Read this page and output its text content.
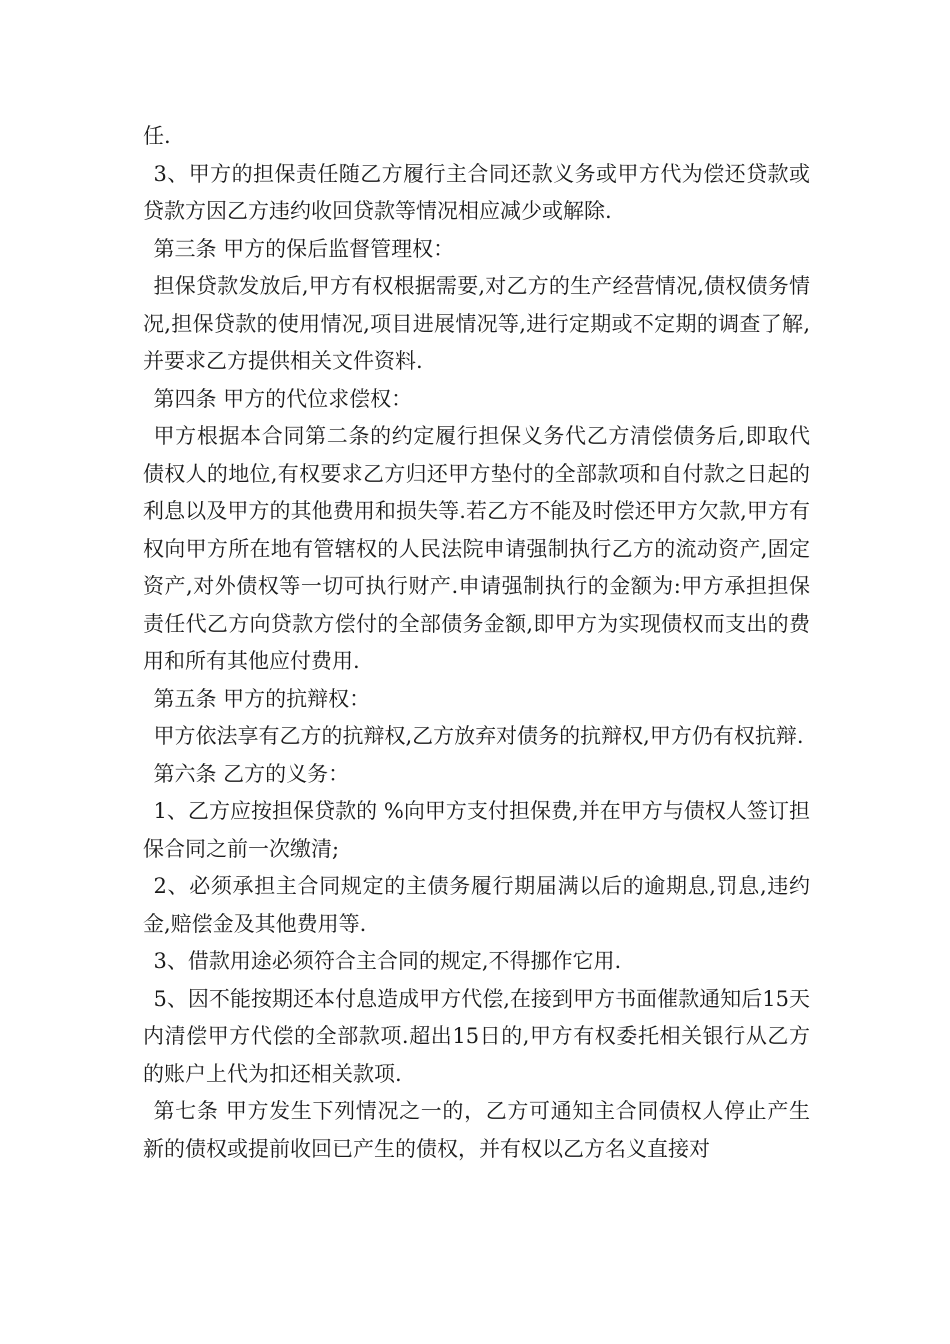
任.

3、甲方的担保责任随乙方履行主合同还款义务或甲方代为偿还贷款或贷款方因乙方违约收回贷款等情况相应减少或解除.

第三条 甲方的保后监督管理权：

担保贷款发放后,甲方有权根据需要,对乙方的生产经营情况,债权债务情况,担保贷款的使用情况,项目进展情况等,进行定期或不定期的调查了解,并要求乙方提供相关文件资料.

第四条 甲方的代位求偿权：

甲方根据本合同第二条的约定履行担保义务代乙方清偿债务后,即取代债权人的地位,有权要求乙方归还甲方垫付的全部款项和自付款之日起的利息以及甲方的其他费用和损失等.若乙方不能及时偿还甲方欠款,甲方有权向甲方所在地有管辖权的人民法院申请强制执行乙方的流动资产,固定资产,对外债权等一切可执行财产.申请强制执行的金额为:甲方承担担保责任代乙方向贷款方偿付的全部债务金额,即甲方为实现债权而支出的费用和所有其他应付费用.

第五条 甲方的抗辩权：

甲方依法享有乙方的抗辩权,乙方放弃对债务的抗辩权,甲方仍有权抗辩.

第六条 乙方的义务：

1、乙方应按担保贷款的 %向甲方支付担保费,并在甲方与债权人签订担保合同之前一次缴清;

2、必须承担主合同规定的主债务履行期届满以后的逾期息,罚息,违约金,赔偿金及其他费用等.

3、借款用途必须符合主合同的规定,不得挪作它用.

5、因不能按期还本付息造成甲方代偿,在接到甲方书面催款通知后15天内清偿甲方代偿的全部款项.超出15日的,甲方有权委托相关银行从乙方的账户上代为扣还相关款项.

第七条 甲方发生下列情况之一的，乙方可通知主合同债权人停止产生新的债权或提前收回已产生的债权，并有权以乙方名义直接对
